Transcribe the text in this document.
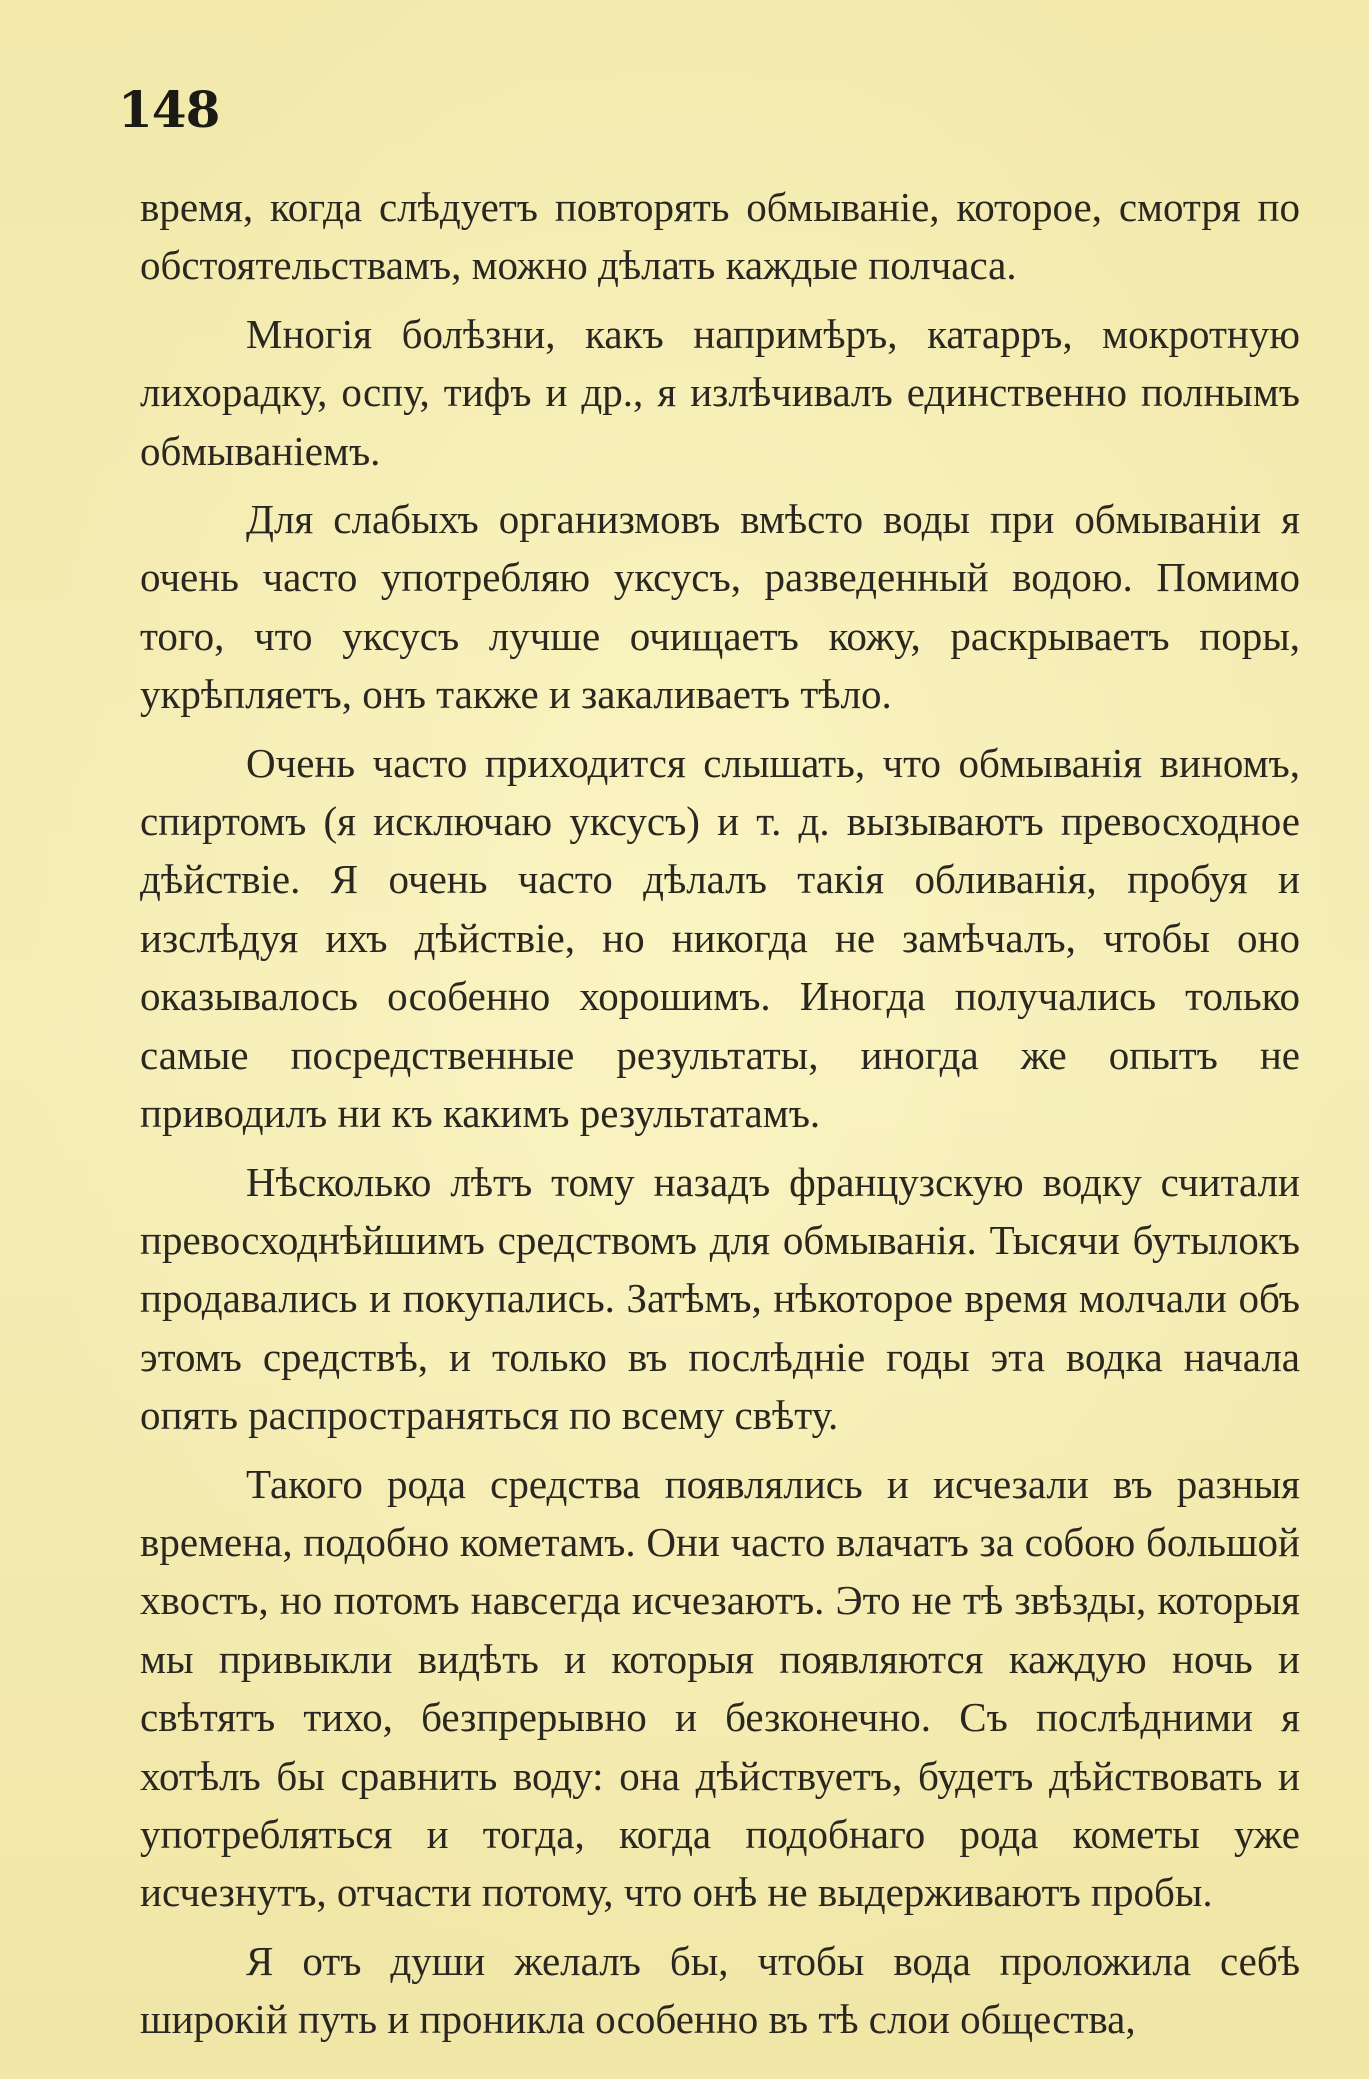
148

время, когда слѣдуетъ повторять обмываніе, которое, смотря по обстоятельствамъ, можно дѣлать каждые полчаса.

Многія болѣзни, какъ напримѣръ, катарръ, мокротную лихорадку, оспу, тифъ и др., я излѣчивалъ единственно полнымъ обмываніемъ.

Для слабыхъ организмовъ вмѣсто воды при обмываніи я очень часто употребляю уксусъ, разведенный водою. Помимо того, что уксусъ лучше очищаетъ кожу, раскрываетъ поры, укрѣпляетъ, онъ также и закаливаетъ тѣло.

Очень часто приходится слышать, что обмыванія виномъ, спиртомъ (я исключаю уксусъ) и т. д. вызываютъ превосходное дѣйствіе. Я очень часто дѣлалъ такія обливанія, пробуя и изслѣдуя ихъ дѣйствіе, но никогда не замѣчалъ, чтобы оно оказывалось особенно хорошимъ. Иногда получались только самые посредственные результаты, иногда же опытъ не приводилъ ни къ какимъ результатамъ.

Нѣсколько лѣтъ тому назадъ французскую водку считали превосходнѣйшимъ средствомъ для обмыванія. Тысячи бутылокъ продавались и покупались. Затѣмъ, нѣкоторое время молчали объ этомъ средствѣ, и только въ послѣдніе годы эта водка начала опять распространяться по всему свѣту.

Такого рода средства появлялись и исчезали въ разныя времена, подобно кометамъ. Они часто влачатъ за собою большой хвостъ, но потомъ навсегда исчезаютъ. Это не тѣ звѣзды, которыя мы привыкли видѣть и которыя появляются каждую ночь и свѣтятъ тихо, безпрерывно и безконечно. Съ послѣдними я хотѣлъ бы сравнить воду: она дѣйствуетъ, будетъ дѣйствовать и употребляться и тогда, когда подобнаго рода кометы уже исчезнутъ, отчасти потому, что онѣ не выдерживаютъ пробы.

Я отъ души желалъ бы, чтобы вода проложила себѣ широкій путь и проникла особенно въ тѣ слои общества,
